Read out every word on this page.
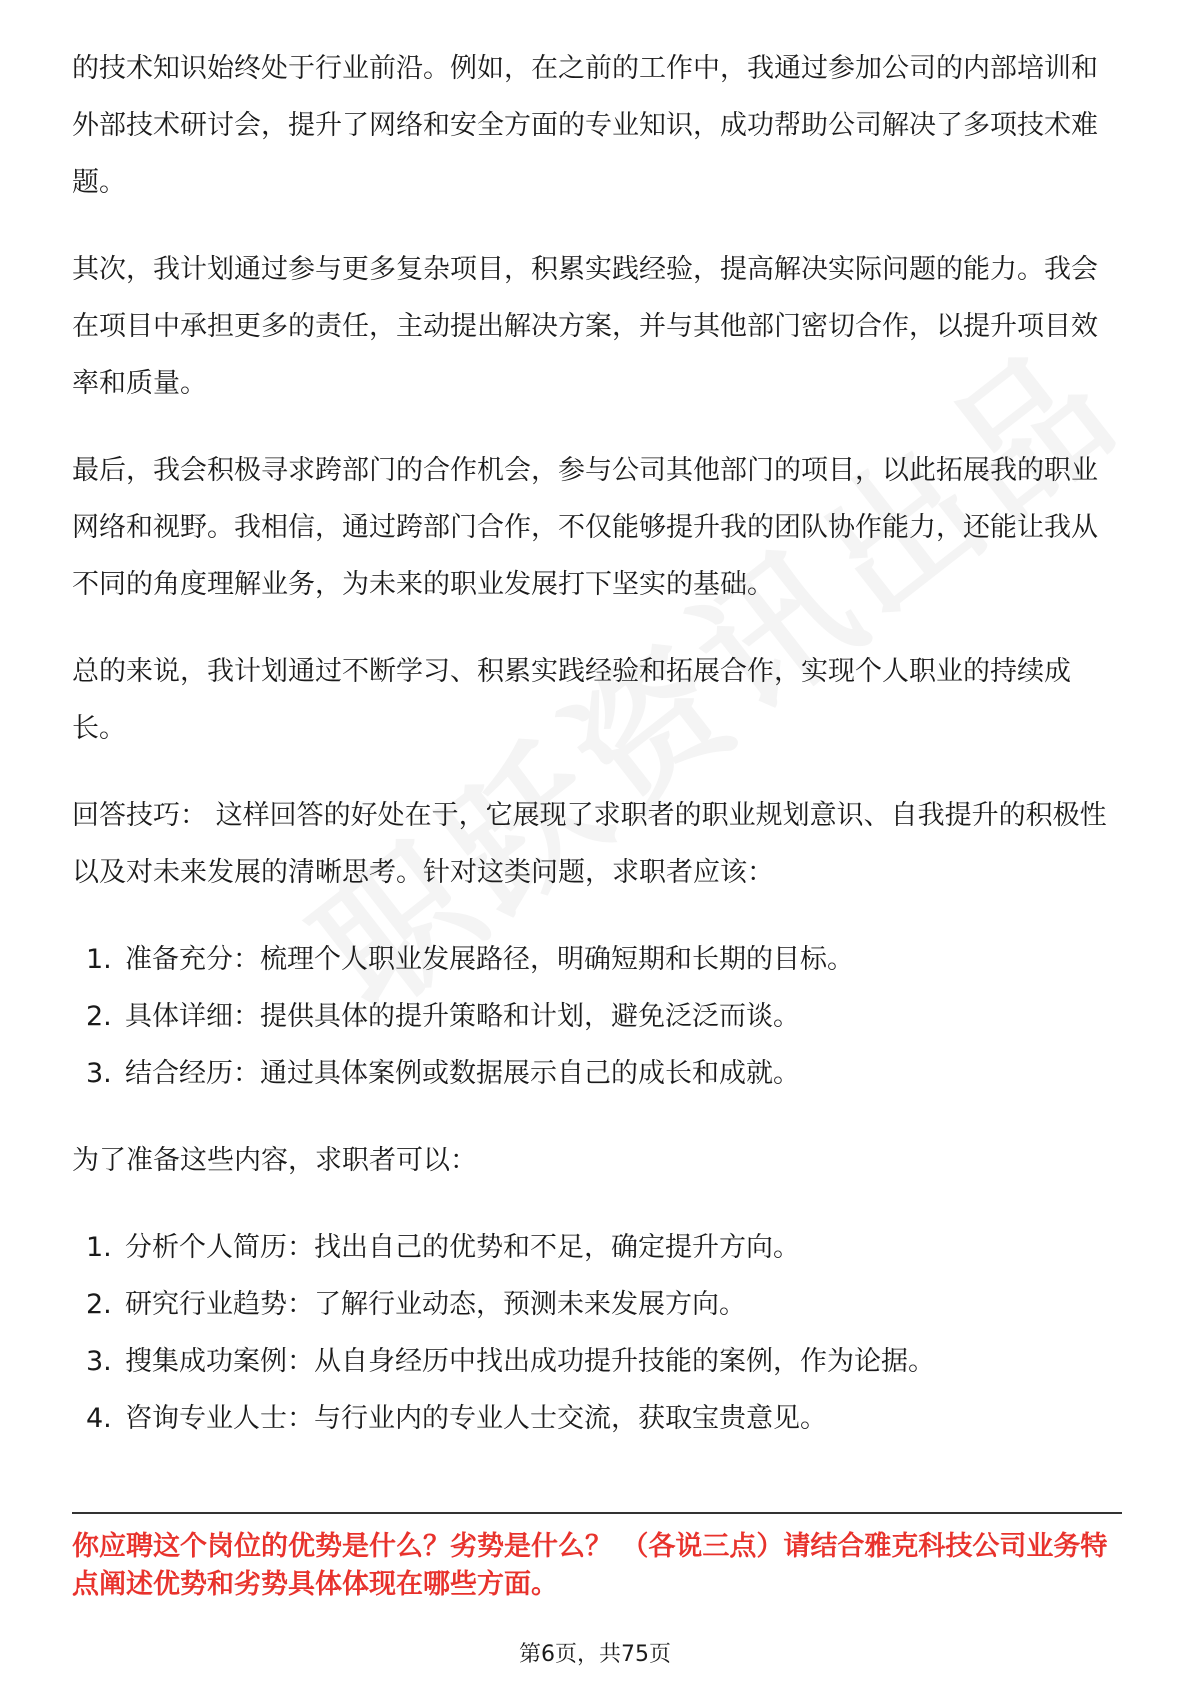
的技术知识始终处于行业前沿。例如，在之前的工作中，我通过参加公司的内部培训和外部技术研讨会，提升了网络和安全方面的专业知识，成功帮助公司解决了多项技术难题。

其次，我计划通过参与更多复杂项目，积累实践经验，提高解决实际问题的能力。我会在项目中承担更多的责任，主动提出解决方案，并与其他部门密切合作，以提升项目效率和质量。

最后，我会积极寻求跨部门的合作机会，参与公司其他部门的项目，以此拓展我的职业网络和视野。我相信，通过跨部门合作，不仅能够提升我的团队协作能力，还能让我从不同的角度理解业务，为未来的职业发展打下坚实的基础。

总的来说，我计划通过不断学习、积累实践经验和拓展合作，实现个人职业的持续成长。

回答技巧： 这样回答的好处在于，它展现了求职者的职业规划意识、自我提升的积极性以及对未来发展的清晰思考。针对这类问题，求职者应该：

1. 准备充分：梳理个人职业发展路径，明确短期和长期的目标。
2. 具体详细：提供具体的提升策略和计划，避免泛泛而谈。
3. 结合经历：通过具体案例或数据展示自己的成长和成就。

为了准备这些内容，求职者可以：

1. 分析个人简历：找出自己的优势和不足，确定提升方向。
2. 研究行业趋势：了解行业动态，预测未来发展方向。
3. 搜集成功案例：从自身经历中找出成功提升技能的案例，作为论据。
4. 咨询专业人士：与行业内的专业人士交流，获取宝贵意见。
你应聘这个岗位的优势是什么？劣势是什么？ （各说三点）请结合雅克科技公司业务特点阐述优势和劣势具体体现在哪些方面。
第6页，共75页
